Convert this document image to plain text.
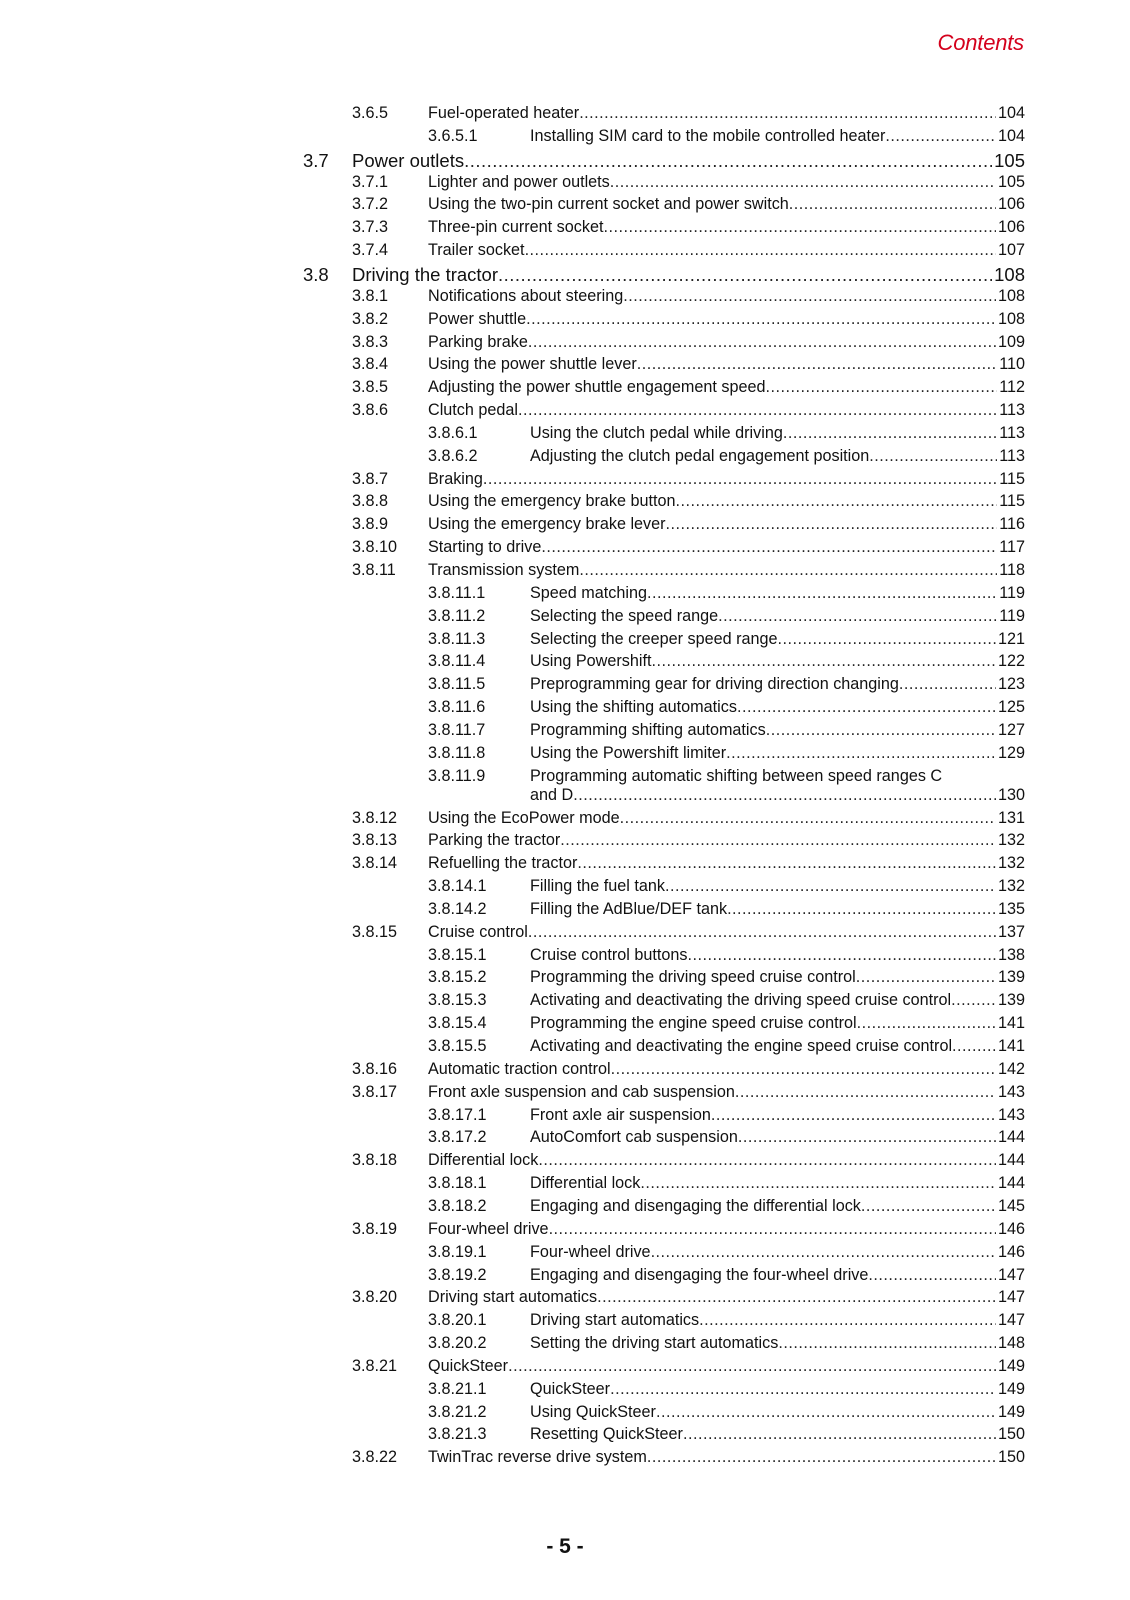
Contents
3.6.5 Fuel-operated heater .....	104
3.6.5.1	Installing SIM card to the mobile controlled heater .....	104
3.7 Power outlets .....	105
3.7.1 Lighter and power outlets .....	105
3.7.2 Using the two-pin current socket and power switch .....	106
3.7.3 Three-pin current socket .....	106
3.7.4 Trailer socket .....	107
3.8 Driving the tractor .....	108
3.8.1 Notifications about steering .....	108
3.8.2 Power shuttle .....	108
3.8.3 Parking brake .....	109
3.8.4 Using the power shuttle lever .....	110
3.8.5 Adjusting the power shuttle engagement speed .....	112
3.8.6 Clutch pedal .....	113
3.8.6.1	Using the clutch pedal while driving .....	113
3.8.6.2	Adjusting the clutch pedal engagement position .....	113
3.8.7 Braking .....	115
3.8.8 Using the emergency brake button .....	115
3.8.9 Using the emergency brake lever .....	116
3.8.10 Starting to drive .....	117
3.8.11 Transmission system .....	118
3.8.11.1	Speed matching .....	119
3.8.11.2	Selecting the speed range .....	119
3.8.11.3	Selecting the creeper speed range .....	121
3.8.11.4	Using Powershift .....	122
3.8.11.5	Preprogramming gear for driving direction changing .....	123
3.8.11.6	Using the shifting automatics .....	125
3.8.11.7	Programming shifting automatics .....	127
3.8.11.8	Using the Powershift limiter .....	129
3.8.11.9	Programming automatic shifting between speed ranges C
and D .....	130
3.8.12 Using the EcoPower mode .....	131
3.8.13 Parking the tractor .....	132
3.8.14 Refuelling the tractor .....	132
3.8.14.1	Filling the fuel tank .....	132
3.8.14.2	Filling the AdBlue/DEF tank .....	135
3.8.15 Cruise control .....	137
3.8.15.1	Cruise control buttons .....	138
3.8.15.2	Programming the driving speed cruise control .....	139
3.8.15.3	Activating and deactivating the driving speed cruise control .....	139
3.8.15.4	Programming the engine speed cruise control .....	141
3.8.15.5	Activating and deactivating the engine speed cruise control .....	141
3.8.16 Automatic traction control .....	142
3.8.17 Front axle suspension and cab suspension .....	143
3.8.17.1	Front axle air suspension .....	143
3.8.17.2	AutoComfort cab suspension .....	144
3.8.18 Differential lock .....	144
3.8.18.1	Differential lock .....	144
3.8.18.2	Engaging and disengaging the differential lock .....	145
3.8.19 Four-wheel drive .....	146
3.8.19.1	Four-wheel drive .....	146
3.8.19.2	Engaging and disengaging the four-wheel drive .....	147
3.8.20 Driving start automatics .....	147
3.8.20.1	Driving start automatics .....	147
3.8.20.2	Setting the driving start automatics .....	148
3.8.21 QuickSteer .....	149
3.8.21.1	QuickSteer .....	149
3.8.21.2	Using QuickSteer .....	149
3.8.21.3	Resetting QuickSteer .....	150
3.8.22 TwinTrac reverse drive system .....	150
- 5 -
